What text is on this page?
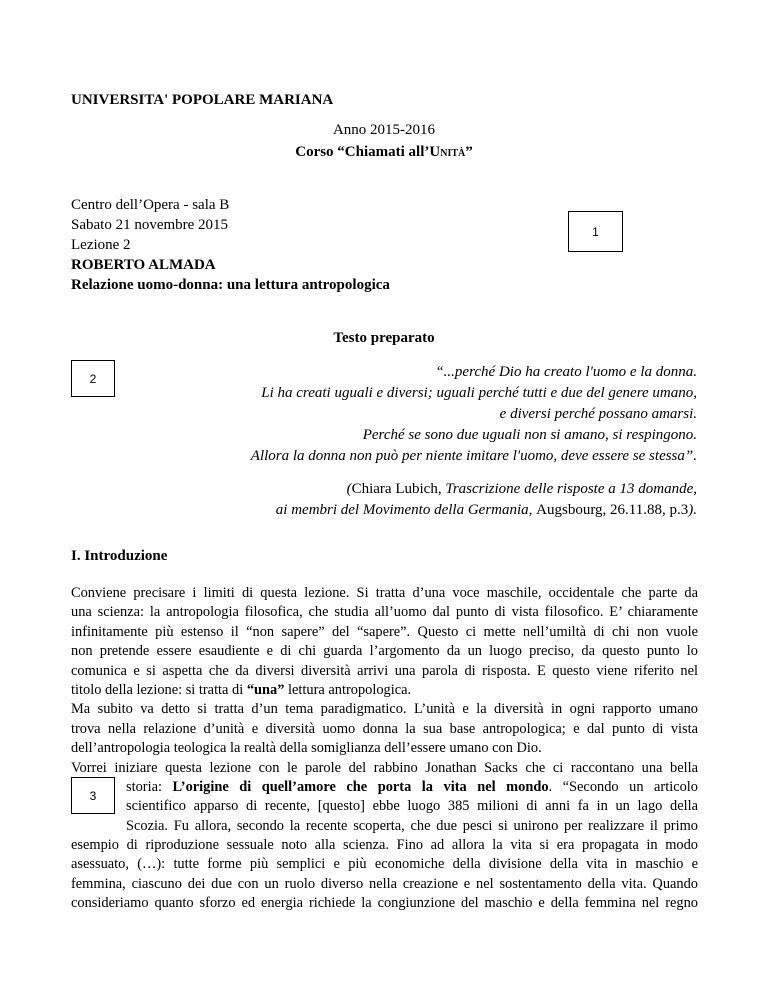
UNIVERSITA' POPOLARE MARIANA
Anno 2015-2016
Corso “Chiamati all’UNITÀ”
Centro dell’Opera - sala B
Sabato 21 novembre 2015
Lezione 2
ROBERTO ALMADA
Relazione uomo-donna: una lettura antropologica
1
Testo preparato
2	“...perché Dio ha creato l'uomo e la donna.
Li ha creati uguali e diversi; uguali perché tutti e due del genere umano,
e diversi perché possano amarsi.
Perché se sono due uguali non si amano, si respingono.
Allora la donna non può per niente imitare l'uomo, deve essere se stessa”.
(Chiara Lubich, Trascrizione delle risposte a 13 domande,
ai membri del Movimento della Germania, Augsbourg, 26.11.88, p.3).
I. Introduzione
Conviene precisare i limiti di questa lezione. Si tratta d’una voce maschile, occidentale che parte da
una scienza: la antropologia filosofica, che studia all’uomo dal punto di vista filosofico. E’ chiaramente
infinitamente più estenso il “non sapere” del “sapere”. Questo ci mette nell’umiltà di chi non vuole
non pretende essere esaudiente e di chi guarda l’argomento da un luogo preciso, da questo punto lo
comunica e si aspetta che da diversi diversità arrivi una parola di risposta. E questo viene riferito nel
titolo della lezione: si tratta di “una” lettura antropologica.
Ma subito va detto si tratta d’un tema paradigmatico. L’unità e la diversità in ogni rapporto umano
trova nella relazione d’unità e diversità uomo donna la sua base antropologica; e dal punto di vista
dell’antropologia teologica la realtà della somiglianza dell’essere umano con Dio.
Vorrei iniziare questa lezione con le parole del rabbino Jonathan Sacks che ci raccontano una bella
3
storia: L’origine di quell’amore che porta la vita nel mondo. “Secondo un articolo
scientifico apparso di recente, [questo] ebbe luogo 385 milioni di anni fa in un lago della
Scozia. Fu allora, secondo la recente scoperta, che due pesci si unirono per realizzare il primo
esempio di riproduzione sessuale noto alla scienza. Fino ad allora la vita si era propagata in modo
asessuato, (…): tutte forme più semplici e più economiche della divisione della vita in maschio e
femmina, ciascuno dei due con un ruolo diverso nella creazione e nel sostentamento della vita. Quando
consideriamo quanto sforzo ed energia richiede la congiunzione del maschio e della femmina nel regno
